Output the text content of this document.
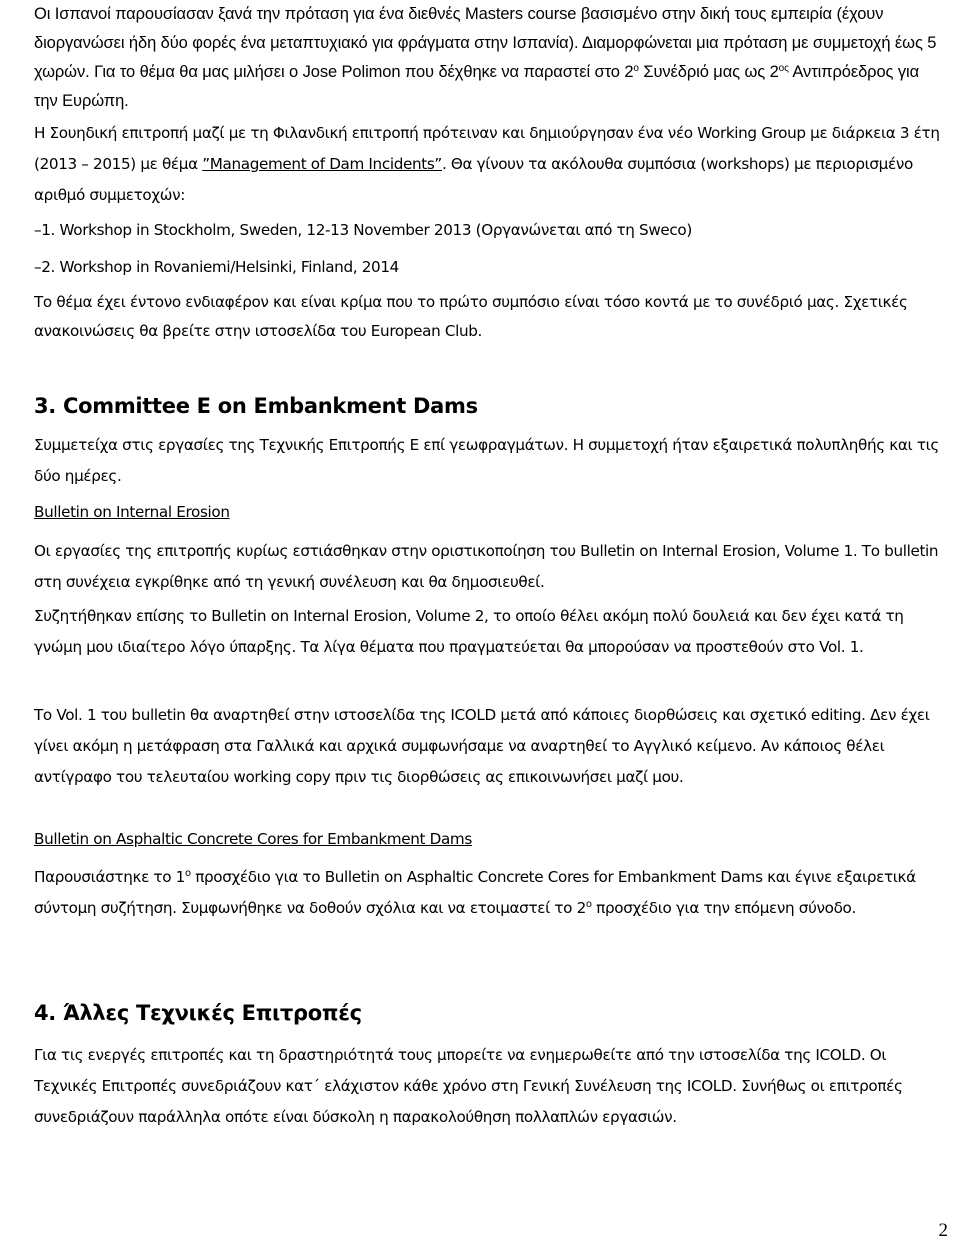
Οι Ισπανοί παρουσίασαν ξανά την πρόταση για ένα διεθνές Masters course βασισμένο στην δική τους εμπειρία (έχουν διοργανώσει ήδη δύο φορές ένα μεταπτυχιακό για φράγματα στην Ισπανία). Διαμορφώνεται μια πρόταση με συμμετοχή έως 5 χωρών. Για το θέμα θα μας μιλήσει ο Jose Polimon που δέχθηκε να παραστεί στο $2^o$ Συνέδριό μας ως $2^{o\varsigma}$ Αντιπρόεδρος για την Ευρώπη.

Η Σουηδική επιτροπή μαζί με τη Φιλανδική επιτροπή πρότειναν και δημιούργησαν ένα νέο Working Group με διάρκεια 3 έτη (2013 – 2015) με θέμα ”Management of Dam Incidents”. Θα γίνουν τα ακόλουθα συμπόσια (workshops) με περιορισμένο αριθμό συμμετοχών:

–1. Workshop in Stockholm, Sweden, 12-13 November 2013 (Οργανώνεται από τη Sweco)

–2. Workshop in Rovaniemi/Helsinki, Finland, 2014

Το θέμα έχει έντονο ενδιαφέρον και είναι κρίμα που το πρώτο συμπόσιο είναι τόσο κοντά με το συνέδριό μας. Σχετικές ανακοινώσεις θα βρείτε στην ιστοσελίδα του European Club.

3. Committee E on Embankment Dams

Συμμετείχα στις εργασίες της Τεχνικής Επιτροπής Ε επί γεωφραγμάτων. Η συμμετοχή ήταν εξαιρετικά πολυπληθής και τις δύο ημέρες.

Bulletin on Internal Erosion

Οι εργασίες της επιτροπής κυρίως εστιάσθηκαν στην οριστικοποίηση του Bulletin on Internal Erosion, Volume 1. Το bulletin στη συνέχεια εγκρίθηκε από τη γενική συνέλευση και θα δημοσιευθεί.

Συζητήθηκαν επίσης το Bulletin on Internal Erosion, Volume 2, το οποίο θέλει ακόμη πολύ δουλειά και δεν έχει κατά τη γνώμη μου ιδιαίτερο λόγο ύπαρξης. Τα λίγα θέματα που πραγματεύεται θα μπορούσαν να προστεθούν στο Vol. 1.

Το Vol. 1 του bulletin θα αναρτηθεί στην ιστοσελίδα της ICOLD μετά από κάποιες διορθώσεις και σχετικό editing. Δεν έχει γίνει ακόμη η μετάφραση στα Γαλλικά και αρχικά συμφωνήσαμε να αναρτηθεί το Αγγλικό κείμενο. Αν κάποιος θέλει αντίγραφο του τελευταίου working copy πριν τις διορθώσεις ας επικοινωνήσει μαζί μου.

Bulletin on Asphaltic Concrete Cores for Embankment Dams

Παρουσιάστηκε το $1^o$ προσχέδιο για το Bulletin on Asphaltic Concrete Cores for Embankment Dams και έγινε εξαιρετικά σύντομη συζήτηση. Συμφωνήθηκε να δοθούν σχόλια και να ετοιμαστεί το $2^o$ προσχέδιο για την επόμενη σύνοδο.

4. Άλλες Τεχνικές Επιτροπές

Για τις ενεργές επιτροπές και τη δραστηριότητά τους μπορείτε να ενημερωθείτε από την ιστοσελίδα της ICOLD. Οι Τεχνικές Επιτροπές συνεδριάζουν κατ΄ ελάχιστον κάθε χρόνο στη Γενική Συνέλευση της ICOLD. Συνήθως οι επιτροπές συνεδριάζουν παράλληλα οπότε είναι δύσκολη η παρακολούθηση πολλαπλών εργασιών.

2
